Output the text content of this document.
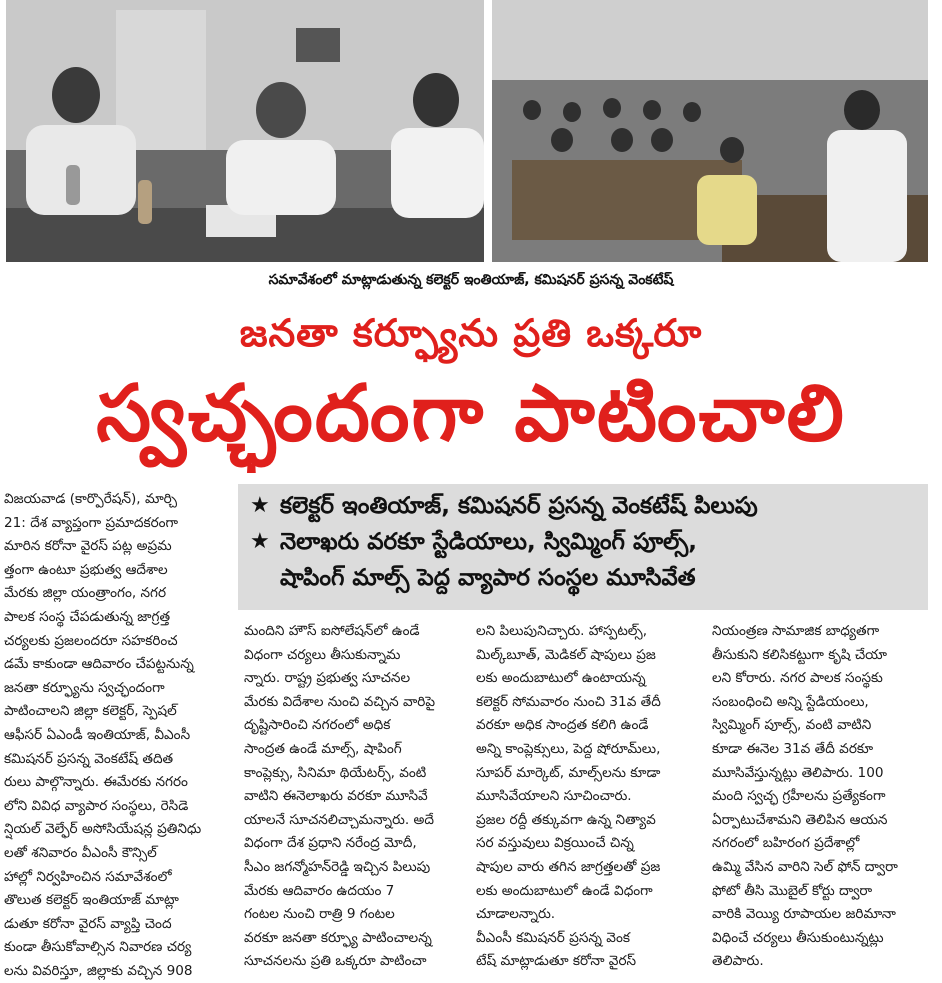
సమావేశంలో మాట్లాడుతున్న కలెక్టర్ ఇంతియాజ్, కమిషనర్ ప్రసన్న వెంకటేష్
జనతా కర్ఫ్యూను ప్రతి ఒక్కరూ
స్వచ్ఛందంగా పాటించాలి
★ కలెక్టర్ ఇంతియాజ్, కమిషనర్ ప్రసన్న వెంకటేష్ పిలుపు
★ నెలాఖరు వరకూ స్టేడియాలు, స్విమ్మింగ్ పూల్స్,
షాపింగ్ మాల్స్ పెద్ద వ్యాపార సంస్థల మూసివేత

విజయవాడ (కార్పొరేషన్), మార్చి

21: దేశ వ్యాప్తంగా ప్రమాదకరంగా

మారిన కరోనా వైరస్ పట్ల అప్రమ

త్తంగా ఉంటూ ప్రభుత్వ ఆదేశాల

మేరకు జిల్లా యంత్రాంగం, నగర

పాలక సంస్థ చేపడుతున్న జాగ్రత్త

చర్యలకు ప్రజలందరూ సహకరించ

డమే కాకుండా ఆదివారం చేపట్టనున్న

జనతా కర్ఫ్యూను స్వచ్ఛందంగా

పాటించాలని జిల్లా కలెక్టర్, స్పెషల్

ఆఫీసర్ ఏఎండీ ఇంతియాజ్, వీఎంసీ

కమిషనర్ ప్రసన్న వెంకటేష్ తదిత

రులు పాల్గొన్నారు. ఈమేరకు నగరం

లోని వివిధ వ్యాపార సంస్థలు, రెసిడె

న్షియల్ వెల్ఫేర్ అసోసియేషన్ల ప్రతినిధు

లతో శనివారం వీఎంసీ కౌన్సిల్

హాల్లో నిర్వహించిన సమావేశంలో

తొలుత కలెక్టర్ ఇంతియాజ్ మాట్లా

డుతూ కరోనా వైరస్ వ్యాప్తి చెంద

కుండా తీసుకోవాల్సిన నివారణ చర్య

లను వివరిస్తూ, జిల్లాకు వచ్చిన 908

మందిని హౌస్ ఐసోలేషన్‌లో ఉండే

విధంగా చర్యలు తీసుకున్నామ

న్నారు. రాష్ట్ర ప్రభుత్వ సూచనల

మేరకు విదేశాల నుంచి వచ్చిన వారిపై

దృష్టిసారించి నగరంలో అధిక

సాంద్రత ఉండే మాల్స్, షాపింగ్

కాంప్లెక్సు, సినిమా థియేటర్స్, వంటి

వాటిని ఈనెలాఖరు వరకూ మూసివే

యాలనే సూచనలిచ్చామన్నారు. అదే

విధంగా దేశ ప్రధాని నరేంద్ర మోదీ,

సీఎం జగన్మోహన్‌రెడ్డి ఇచ్చిన పిలుపు

మేరకు ఆదివారం ఉదయం 7

గంటల నుంచి రాత్రి 9 గంటల

వరకూ జనతా కర్ఫ్యూ పాటించాలన్న

సూచనలను ప్రతి ఒక్కరూ పాటించా

లని పిలుపునిచ్చారు. హాస్పటల్స్,

మిల్క్‌బూత్, మెడికల్ షాపులు ప్రజ

లకు అందుబాటులో ఉంటాయన్న

కలెక్టర్ సోమవారం నుంచి 31వ తేదీ

వరకూ అధిక సాంద్రత కలిగి ఉండే

అన్ని కాంప్లెక్సులు, పెద్ద షోరూమ్‌లు,

సూపర్ మార్కెట్, మాల్స్‌లను కూడా

మూసివేయాలని సూచించారు.

ప్రజల రద్దీ తక్కువగా ఉన్న నిత్యావ

సర వస్తువులు విక్రయించే చిన్న

షాపుల వారు తగిన జాగ్రత్తలతో ప్రజ

లకు అందుబాటులో ఉండే విధంగా

చూడాలన్నారు.

వీఎంసీ కమిషనర్ ప్రసన్న వెంక

టేష్ మాట్లాడుతూ కరోనా వైరస్

నియంత్రణ సామాజిక బాధ్యతగా

తీసుకుని కలిసికట్టుగా కృషి చేయా

లని కోరారు. నగర పాలక సంస్థకు

సంబంధించి అన్ని స్టేడియంలు,

స్విమ్మింగ్ పూల్స్, వంటి వాటిని

కూడా ఈనెల 31వ తేదీ వరకూ

మూసివేస్తున్నట్లు తెలిపారు. 100

మంది స్వచ్ఛ గ్రహీలను ప్రత్యేకంగా

ఏర్పాటుచేశామని తెలిపిన ఆయన

నగరంలో బహిరంగ ప్రదేశాల్లో

ఉమ్మి వేసిన వారిని సెల్ ఫోన్ ద్వారా

ఫోటో తీసి మొబైల్ కోర్టు ద్వారా

వారికి వెయ్యి రూపాయల జరిమానా

విధించే చర్యలు తీసుకుంటున్నట్లు

తెలిపారు.
